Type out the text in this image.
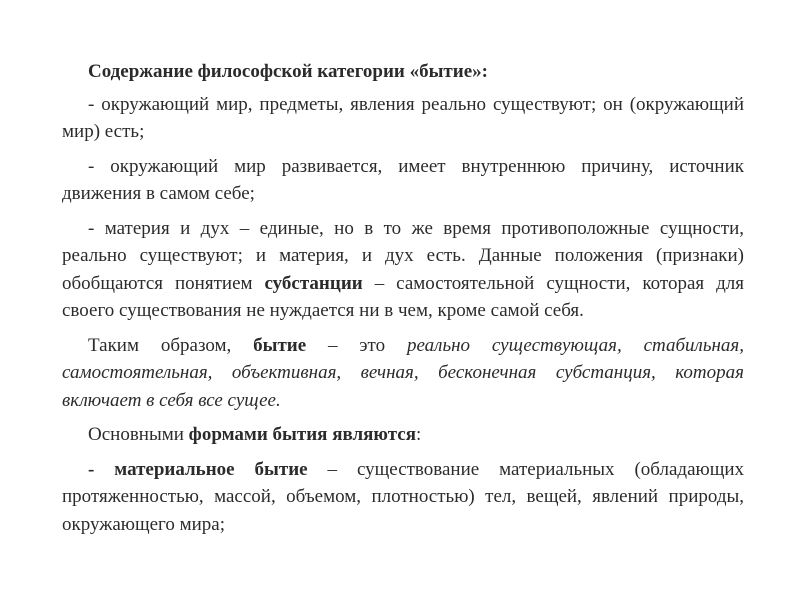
Содержание философской категории «бытие»:

- окружающий мир, предметы, явления реально существуют; он (окружающий мир) есть;

- окружающий мир развивается, имеет внутреннюю причину, источник движения в самом себе;

- материя и дух – единые, но в то же время противоположные сущности, реально существуют; и материя, и дух есть. Данные положения (признаки) обобщаются понятием субстанции – самостоятельной сущности, которая для своего существования не нуждается ни в чем, кроме самой себя.

Таким образом, бытие – это реально существующая, стабильная, самостоятельная, объективная, вечная, бесконечная субстанция, которая включает в себя все сущее.

Основными формами бытия являются:

- материальное бытие – существование материальных (обладающих протяженностью, массой, объемом, плотностью) тел, вещей, явлений природы, окружающего мира;
